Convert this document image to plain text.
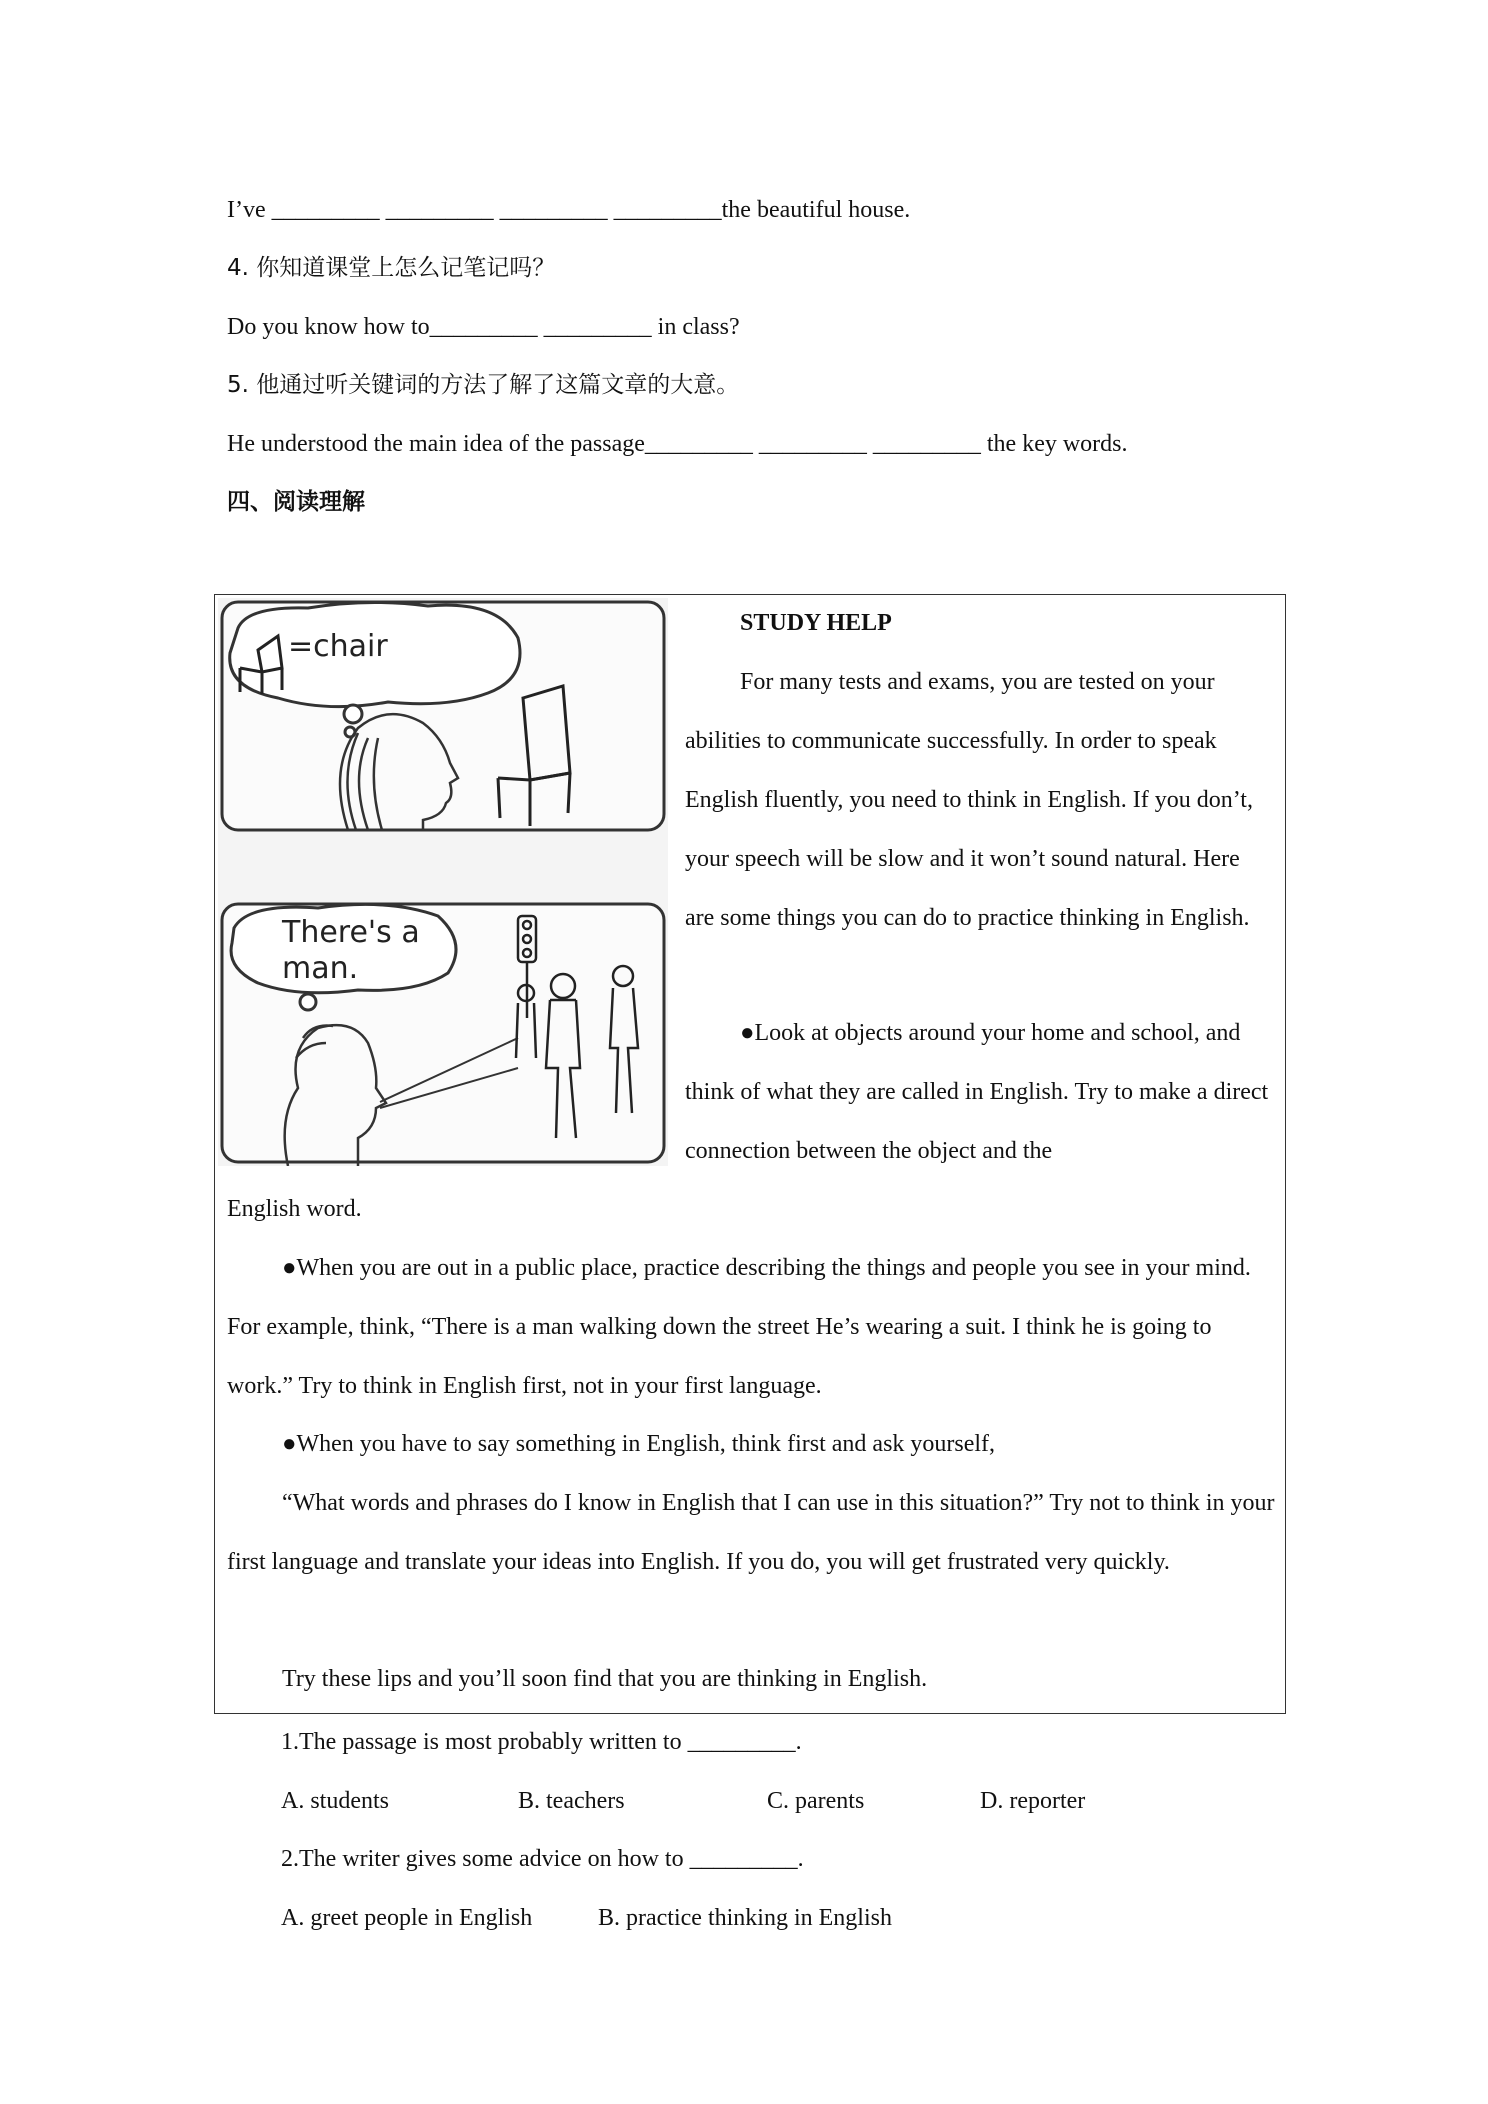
I’ve _________ _________ _________ _________the beautiful house.
4. 你知道课堂上怎么记笔记吗？
Do you know how to_________ _________ in class?
5. 他通过听关键词的方法了解了这篇文章的大意。
He understood the main idea of the passage_________ _________ _________ the key words.
四、阅读理解
=chair
There's a
man.
STUDY HELP
For many tests and exams, you are tested on your abilities to communicate successfully. In order to speak English fluently, you need to think in English. If you don’t, your speech will be slow and it won’t sound natural. Here are some things you can do to practice thinking in English.
●Look at objects around your home and school, and think of what they are called in English. Try to make a direct connection between the object and the
English word.
●When you are out in a public place, practice describing the things and people you see in your mind. For example, think, “There is a man walking down the street He’s wearing a suit. I think he is going to work.” Try to think in English first, not in your first language.
●When you have to say something in English, think first and ask yourself,
“What words and phrases do I know in English that I can use in this situation?” Try not to think in your first language and translate your ideas into English. If you do, you will get frustrated very quickly.
Try these lips and you’ll soon find that you are thinking in English.
1.The passage is most probably written to _________.
A. students	B. teachers	C. parents	D. reporter
2.The writer gives some advice on how to _________.
A. greet people in English	B. practice thinking in English
